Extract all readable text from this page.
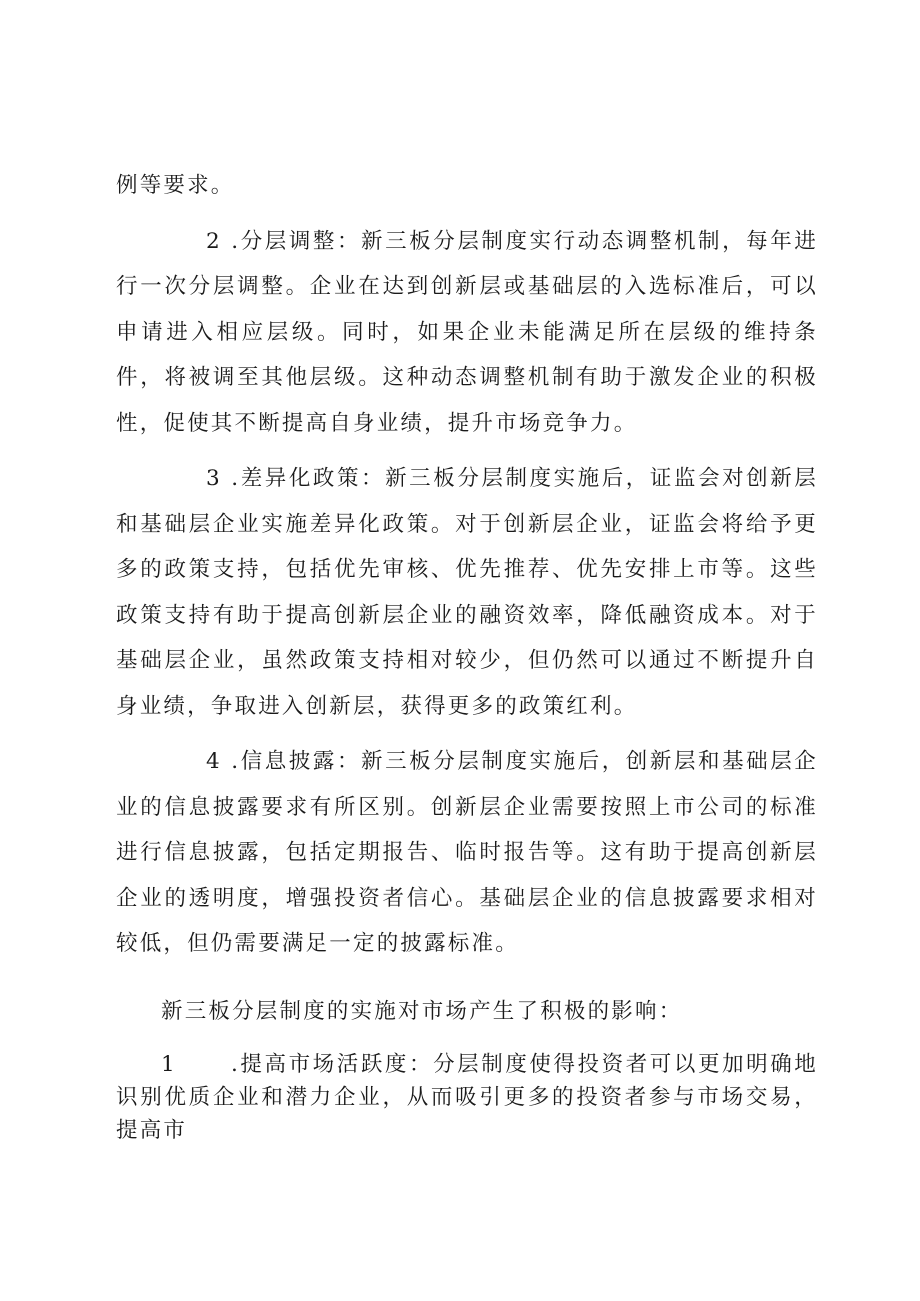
例等要求。

2 .分层调整：新三板分层制度实行动态调整机制，每年进行一次分层调整。企业在达到创新层或基础层的入选标准后，可以申请进入相应层级。同时，如果企业未能满足所在层级的维持条件，将被调至其他层级。这种动态调整机制有助于激发企业的积极性，促使其不断提高自身业绩，提升市场竞争力。

3 .差异化政策：新三板分层制度实施后，证监会对创新层和基础层企业实施差异化政策。对于创新层企业，证监会将给予更多的政策支持，包括优先审核、优先推荐、优先安排上市等。这些政策支持有助于提高创新层企业的融资效率，降低融资成本。对于基础层企业，虽然政策支持相对较少，但仍然可以通过不断提升自身业绩，争取进入创新层，获得更多的政策红利。

4 .信息披露：新三板分层制度实施后，创新层和基础层企业的信息披露要求有所区别。创新层企业需要按照上市公司的标准进行信息披露，包括定期报告、临时报告等。这有助于提高创新层企业的透明度，增强投资者信心。基础层企业的信息披露要求相对较低，但仍需要满足一定的披露标准。

新三板分层制度的实施对市场产生了积极的影响：

1	.提高市场活跃度：分层制度使得投资者可以更加明确地识别优质企业和潜力企业，从而吸引更多的投资者参与市场交易，提高市
